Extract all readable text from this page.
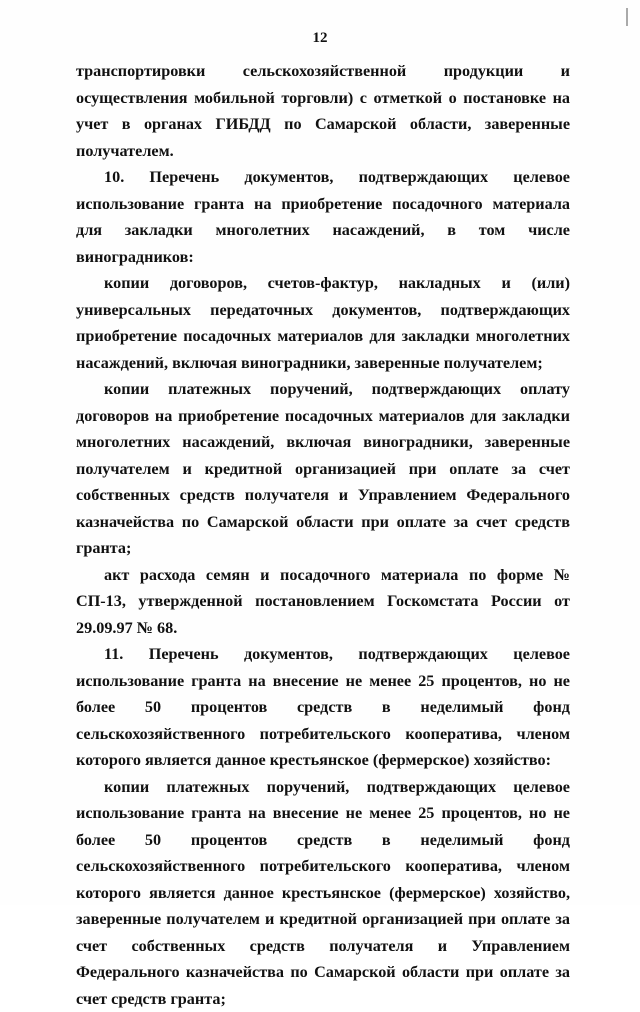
12

транспортировки сельскохозяйственной продукции и осуществления мобильной торговли) с отметкой о постановке на учет в органах ГИБДД по Самарской области, заверенные получателем.

10. Перечень документов, подтверждающих целевое использование гранта на приобретение посадочного материала для закладки многолетних насаждений, в том числе виноградников:

копии договоров, счетов-фактур, накладных и (или) универсальных передаточных документов, подтверждающих приобретение посадочных материалов для закладки многолетних насаждений, включая виноградники, заверенные получателем;

копии платежных поручений, подтверждающих оплату договоров на приобретение посадочных материалов для закладки многолетних насаждений, включая виноградники, заверенные получателем и кредитной организацией при оплате за счет собственных средств получателя и Управлением Федерального казначейства по Самарской области при оплате за счет средств гранта;

акт расхода семян и посадочного материала по форме № СП-13, утвержденной постановлением Госкомстата России от 29.09.97 № 68.

11. Перечень документов, подтверждающих целевое использование гранта на внесение не менее 25 процентов, но не более 50 процентов средств в неделимый фонд сельскохозяйственного потребительского кооператива, членом которого является данное крестьянское (фермерское) хозяйство:

копии платежных поручений, подтверждающих целевое использование гранта на внесение не менее 25 процентов, но не более 50 процентов средств в неделимый фонд сельскохозяйственного потребительского кооператива, членом которого является данное крестьянское (фермерское) хозяйство, заверенные получателем и кредитной организацией при оплате за счет собственных средств получателя и Управлением Федерального казначейства по Самарской области при оплате за счет средств гранта;
